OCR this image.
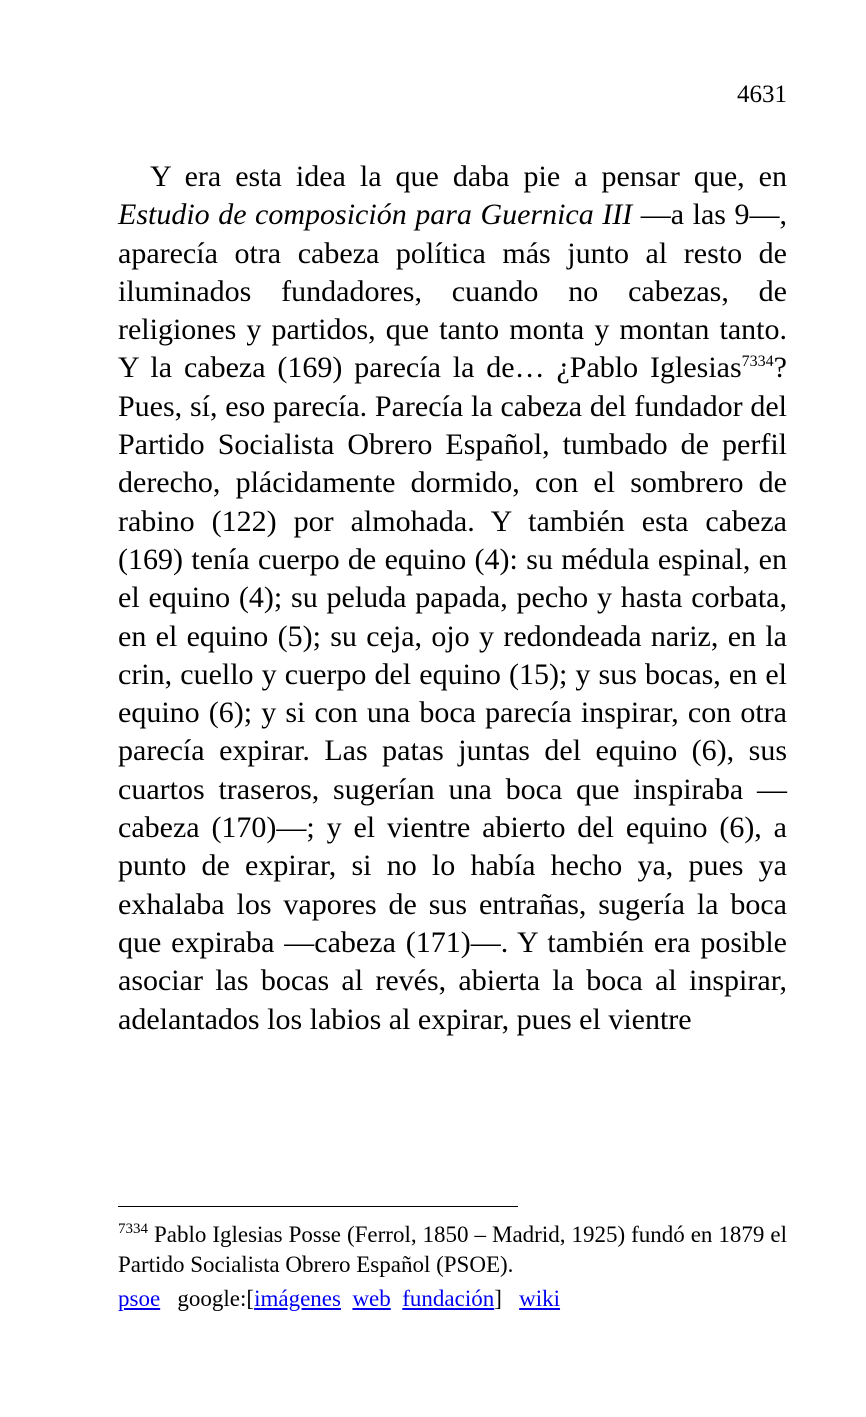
4631

Y era esta idea la que daba pie a pensar que, en Estudio de composición para Guernica III —a las 9—, aparecía otra cabeza política más junto al resto de iluminados fundadores, cuando no cabezas, de religiones y partidos, que tanto monta y montan tanto. Y la cabeza (169) parecía la de… ¿Pablo Iglesias$^{7334}$? Pues, sí, eso parecía. Parecía la cabeza del fundador del Partido Socialista Obrero Español, tumbado de perfil derecho, plácidamente dormido, con el sombrero de rabino (122) por almohada. Y también esta cabeza (169) tenía cuerpo de equino (4): su médula espinal, en el equino (4); su peluda papada, pecho y hasta corbata, en el equino (5); su ceja, ojo y redondeada nariz, en la crin, cuello y cuerpo del equino (15); y sus bocas, en el equino (6); y si con una boca parecía inspirar, con otra parecía expirar. Las patas juntas del equino (6), sus cuartos traseros, sugerían una boca que inspiraba —cabeza (170)—; y el vientre abierto del equino (6), a punto de expirar, si no lo había hecho ya, pues ya exhalaba los vapores de sus entrañas, sugería la boca que expiraba —cabeza (171)—. Y también era posible asociar las bocas al revés, abierta la boca al inspirar, adelantados los labios al expirar, pues el vientre

$^{7334}$ Pablo Iglesias Posse (Ferrol, 1850 – Madrid, 1925) fundó en 1879 el Partido Socialista Obrero Español (PSOE).
psoe google:[imágenes web fundación] wiki
